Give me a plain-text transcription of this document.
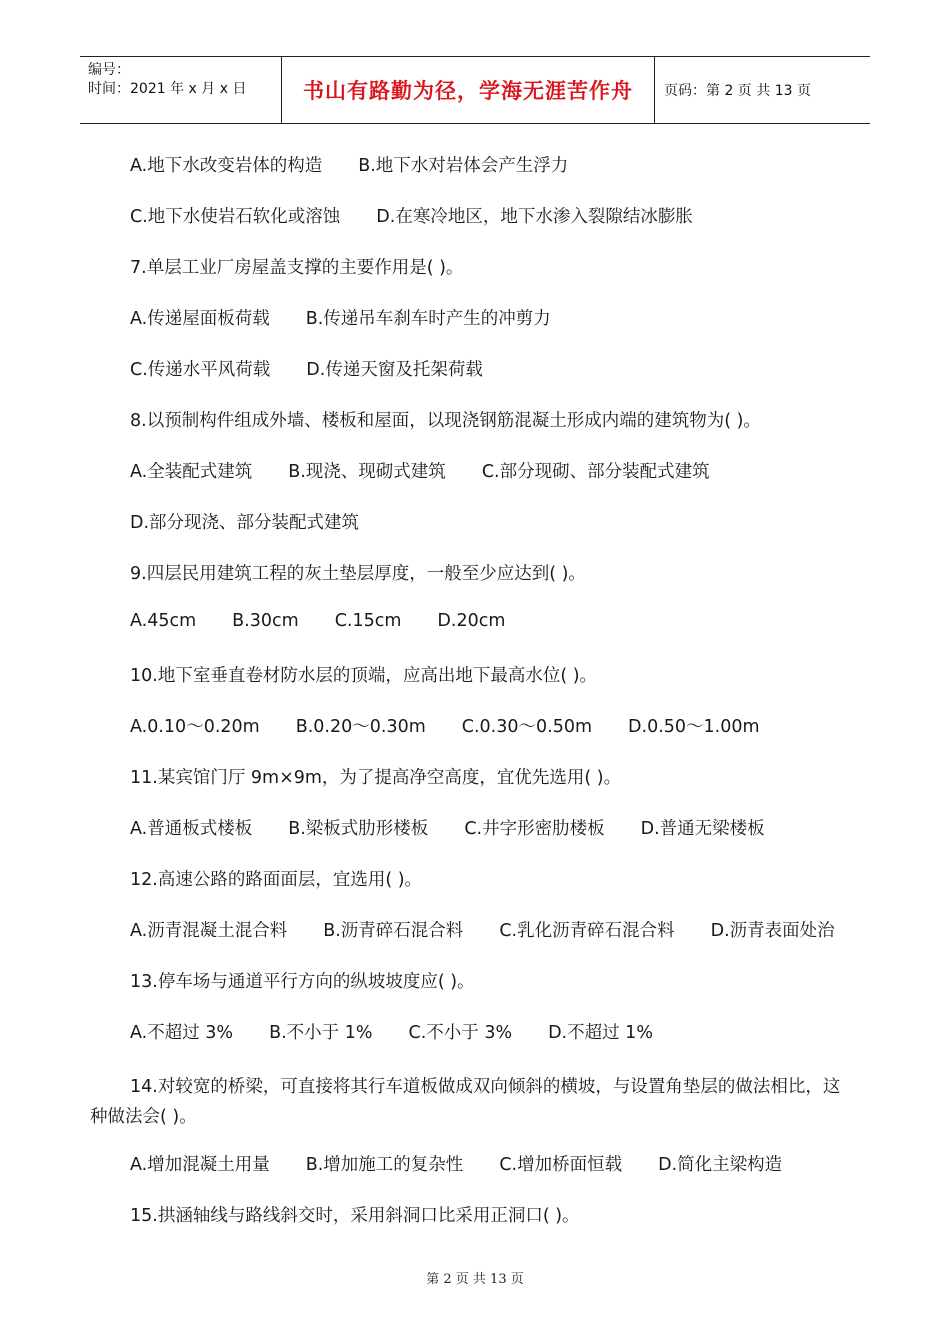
编号：
时间：2021 年 x 月 x 日	书山有路勤为径，学海无涯苦作舟	页码：第 2 页 共 13 页
A.地下水改变岩体的构造 B.地下水对岩体会产生浮力
C.地下水使岩石软化或溶蚀 D.在寒冷地区，地下水渗入裂隙结冰膨胀
7.单层工业厂房屋盖支撑的主要作用是( )。
A.传递屋面板荷载 B.传递吊车刹车时产生的冲剪力
C.传递水平风荷载 D.传递天窗及托架荷载
8.以预制构件组成外墙、楼板和屋面，以现浇钢筋混凝土形成内端的建筑物为( )。
A.全装配式建筑 B.现浇、现砌式建筑 C.部分现砌、部分装配式建筑
D.部分现浇、部分装配式建筑
9.四层民用建筑工程的灰土垫层厚度，一般至少应达到( )。
A.45cm B.30cm C.15cm D.20cm
10.地下室垂直卷材防水层的顶端，应高出地下最高水位( )。
A.0.10～0.20m B.0.20～0.30m C.0.30～0.50m D.0.50～1.00m
11.某宾馆门厅 9m×9m，为了提高净空高度，宜优先选用( )。
A.普通板式楼板 B.梁板式肋形楼板 C.井字形密肋楼板 D.普通无梁楼板
12.高速公路的路面面层，宜选用( )。
A.沥青混凝土混合料 B.沥青碎石混合料 C.乳化沥青碎石混合料 D.沥青表面处治
13.停车场与通道平行方向的纵坡坡度应( )。
A.不超过 3% B.不小于 1% C.不小于 3% D.不超过 1%
14.对较宽的桥梁，可直接将其行车道板做成双向倾斜的横坡，与设置角垫层的做法相比，这种做法会( )。
A.增加混凝土用量 B.增加施工的复杂性 C.增加桥面恒载 D.简化主梁构造
15.拱涵轴线与路线斜交时，采用斜洞口比采用正洞口( )。
第 2 页 共 13 页
